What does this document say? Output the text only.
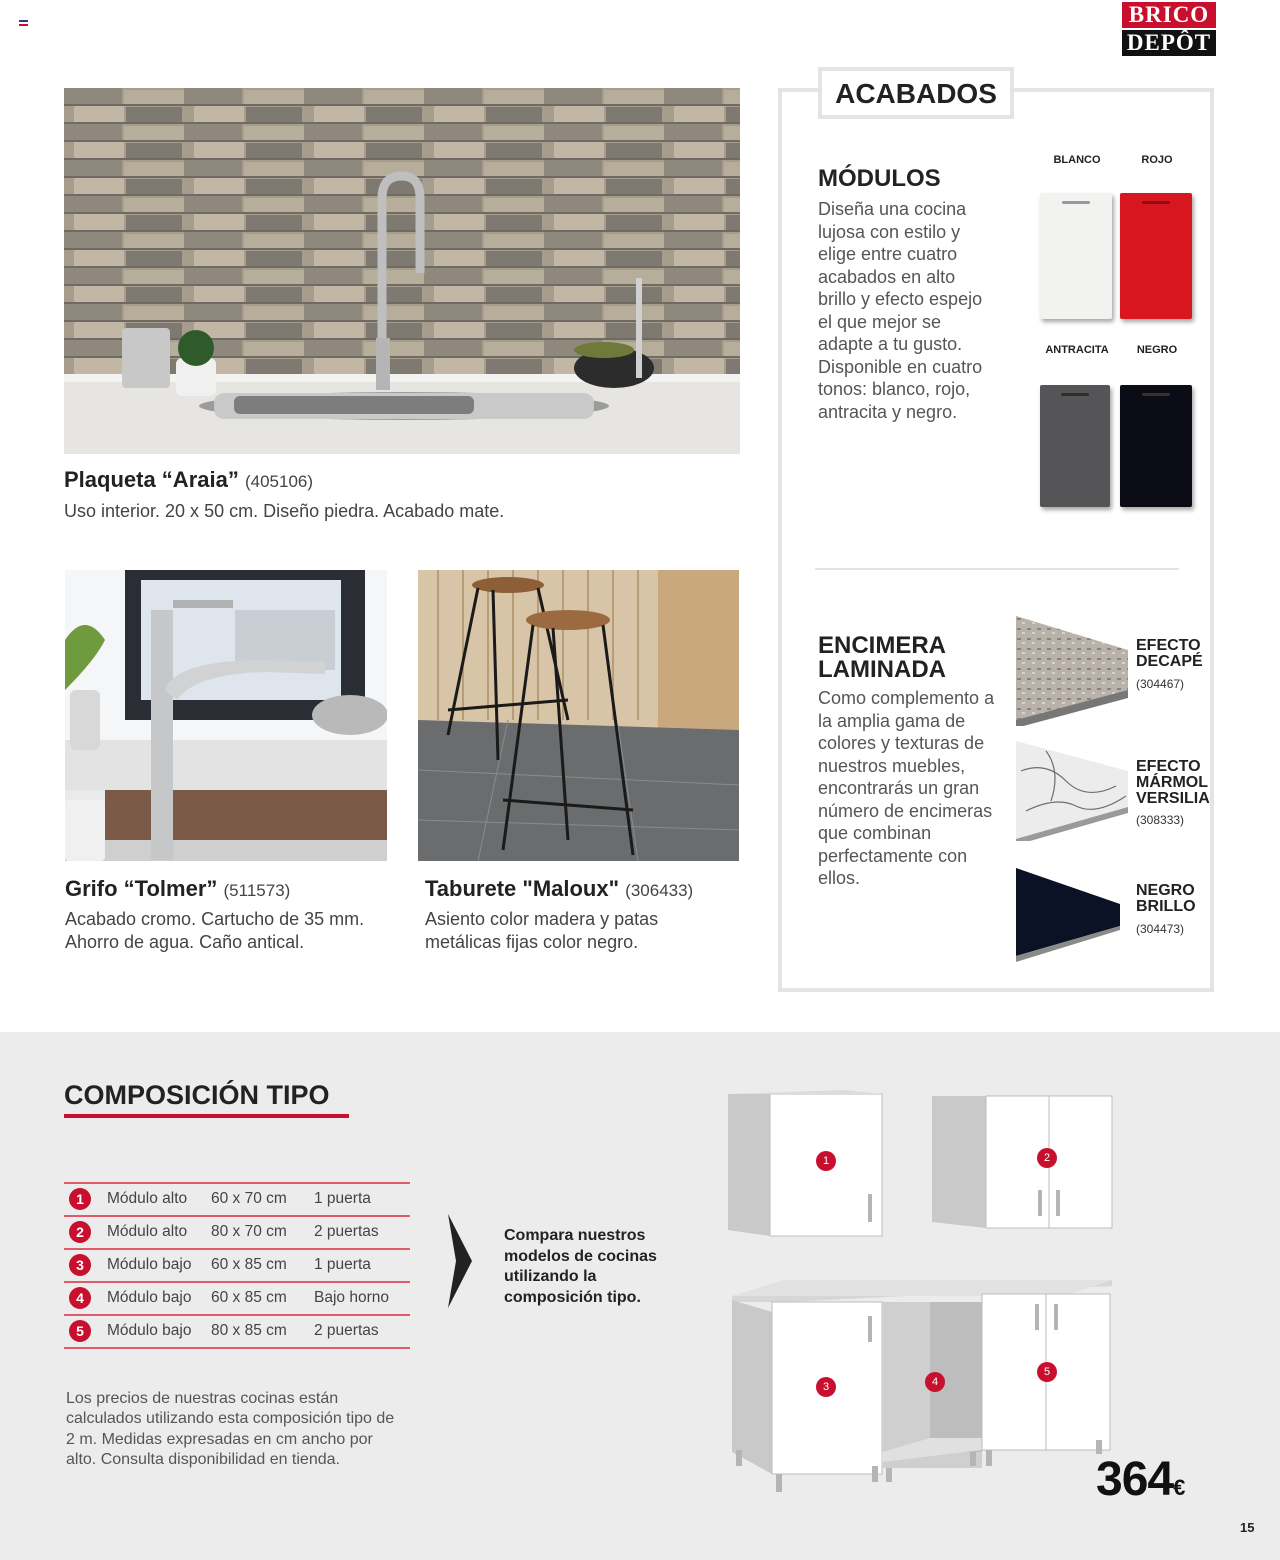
BRICO
DEPÔT
Plaqueta “Araia” (405106)
Uso interior. 20 x 50 cm. Diseño piedra. Acabado mate.
Grifo “Tolmer” (511573)
Acabado cromo. Cartucho de 35 mm. Ahorro de agua. Caño antical.
Taburete "Maloux" (306433)
Asiento color madera y patas metálicas fijas color negro.
ACABADOS
MÓDULOS
Diseña una cocina lujosa con estilo y elige entre cuatro acabados en alto brillo y efecto espejo el que mejor se adapte a tu gusto. Disponible en cuatro tonos: blanco, rojo, antracita y negro.
BLANCO	ROJO
ANTRACITA	NEGRO
ENCIMERA
LAMINADA
Como complemento a la amplia gama de colores y texturas de nuestros muebles, encontrarás un gran número de encimeras que combinan perfectamente con ellos.
EFECTO
DECAPÉ
(304467)
EFECTO
MÁRMOL
VERSILIA
(308333)
NEGRO
BRILLO
(304473)
COMPOSICIÓN TIPO
1	Módulo alto 60 x 70 cm 1 puerta
2	Módulo alto 80 x 70 cm 2 puertas
3	Módulo bajo 60 x 85 cm 1 puerta
4	Módulo bajo 60 x 85 cm Bajo horno
5	Módulo bajo 80 x 85 cm 2 puertas
Compara nuestros modelos de cocinas utilizando la composición tipo.
Los precios de nuestras cocinas están calculados utilizando esta composición tipo de 2 m. Medidas expresadas en cm ancho por alto. Consulta disponibilidad en tienda.
1	2
3	4
5
364€
15
